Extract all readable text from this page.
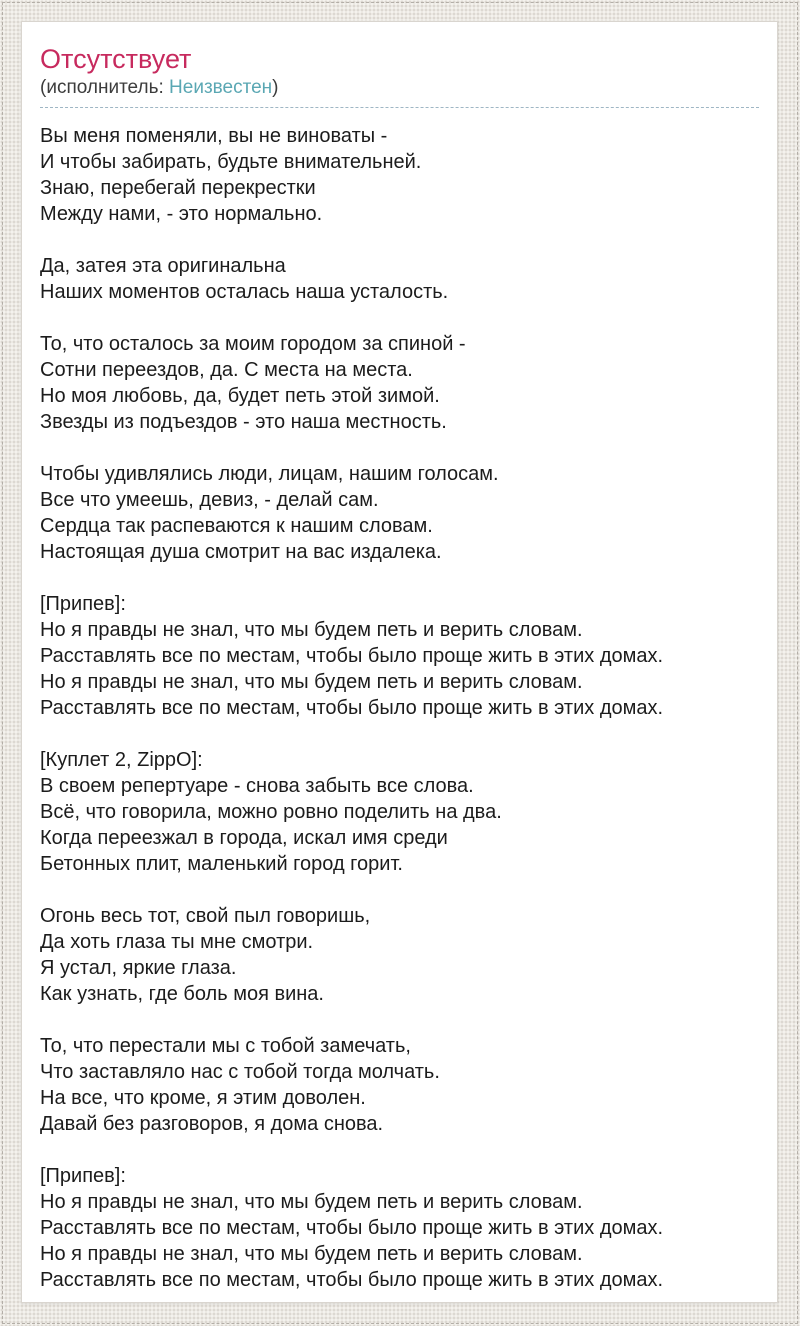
Отсутствует
(исполнитель: Неизвестен)

Вы меня поменяли, вы не виноваты -
И чтобы забирать, будьте внимательней.
Знаю, перебегай перекрестки
Между нами, - это нормально.

Да, затея эта оригинальна
Наших моментов осталась наша усталость.

То, что осталось за моим городом за спиной -
Сотни переездов, да. С места на места.
Но моя любовь, да, будет петь этой зимой.
Звезды из подъездов - это наша местность.

Чтобы удивлялись люди, лицам, нашим голосам.
Все что умеешь, девиз, - делай сам.
Сердца так распеваются к нашим словам.
Настоящая душа смотрит на вас издалека.

[Припев]:
Но я правды не знал, что мы будем петь и верить словам.
Расставлять все по местам, чтобы было проще жить в этих домах.
Но я правды не знал, что мы будем петь и верить словам.
Расставлять все по местам, чтобы было проще жить в этих домах.

[Куплет 2, ZippO]:
В своем репертуаре - снова забыть все слова.
Всё, что говорила, можно ровно поделить на два.
Когда переезжал в города, искал имя среди
Бетонных плит, маленький город горит.

Огонь весь тот, свой пыл говоришь,
Да хоть глаза ты мне смотри.
Я устал, яркие глаза.
Как узнать, где боль моя вина.

То, что перестали мы с тобой замечать,
Что заставляло нас с тобой тогда молчать.
На все, что кроме, я этим доволен.
Давай без разговоров, я дома снова.

[Припев]:
Но я правды не знал, что мы будем петь и верить словам.
Расставлять все по местам, чтобы было проще жить в этих домах.
Но я правды не знал, что мы будем петь и верить словам.
Расставлять все по местам, чтобы было проще жить в этих домах.
